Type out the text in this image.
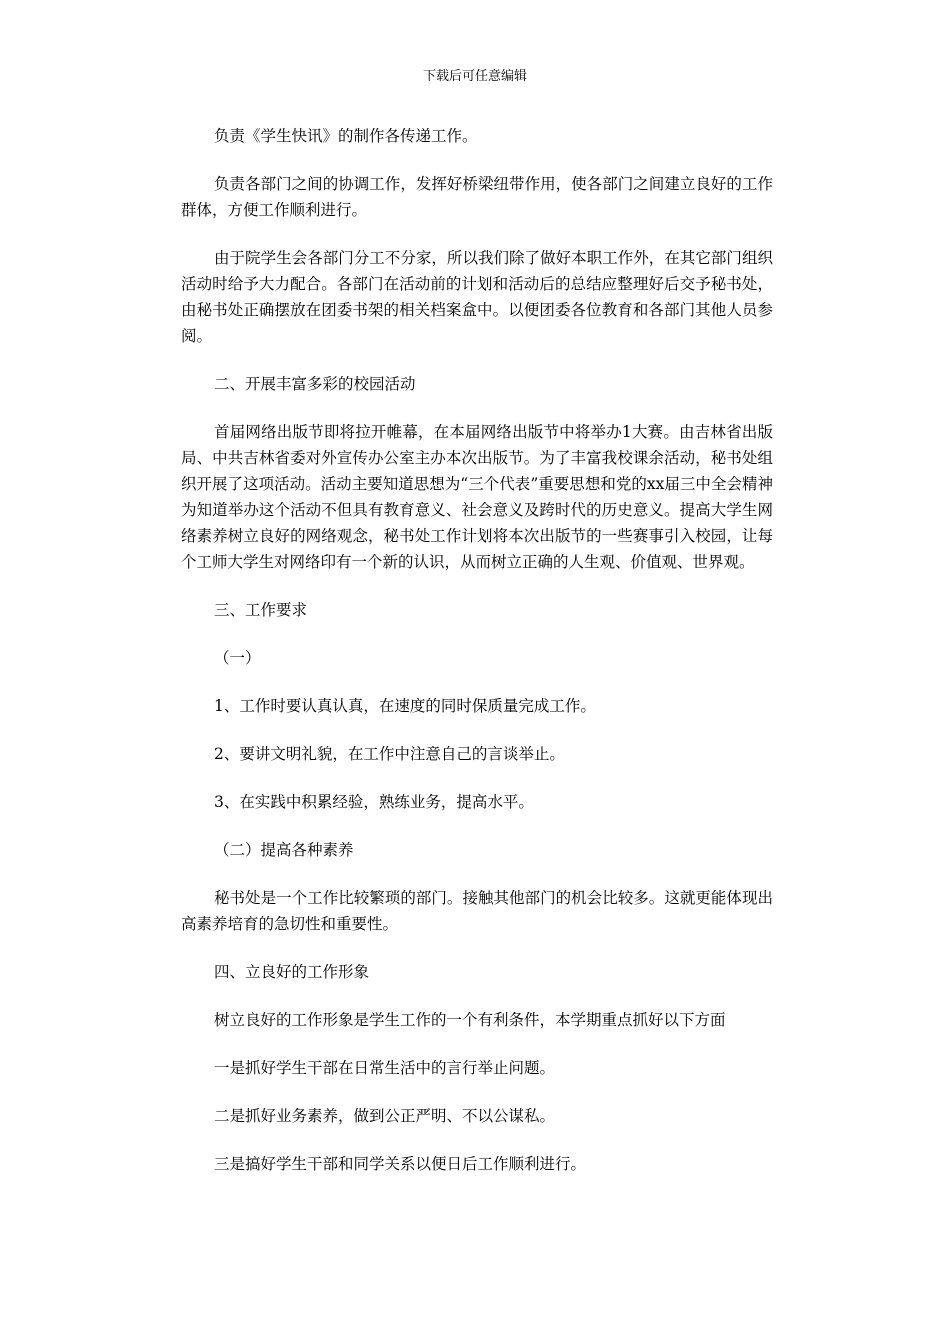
下载后可任意编辑

负责《学生快讯》的制作各传递工作。

负责各部门之间的协调工作，发挥好桥梁纽带作用，使各部门之间建立良好的工作群体，方便工作顺利进行。

由于院学生会各部门分工不分家，所以我们除了做好本职工作外，在其它部门组织活动时给予大力配合。各部门在活动前的计划和活动后的总结应整理好后交予秘书处，由秘书处正确摆放在团委书架的相关档案盒中。以便团委各位教育和各部门其他人员参阅。

二、开展丰富多彩的校园活动

首届网络出版节即将拉开帷幕，在本届网络出版节中将举办1大赛。由吉林省出版局、中共吉林省委对外宣传办公室主办本次出版节。为了丰富我校课余活动，秘书处组织开展了这项活动。活动主要知道思想为“三个代表”重要思想和党的xx届三中全会精神为知道举办这个活动不但具有教育意义、社会意义及跨时代的历史意义。提高大学生网络素养树立良好的网络观念，秘书处工作计划将本次出版节的一些赛事引入校园，让每个工师大学生对网络印有一个新的认识，从而树立正确的人生观、价值观、世界观。

三、工作要求

（一）

1、工作时要认真认真，在速度的同时保质量完成工作。

2、要讲文明礼貌，在工作中注意自己的言谈举止。

3、在实践中积累经验，熟练业务，提高水平。

（二）提高各种素养

秘书处是一个工作比较繁琐的部门。接触其他部门的机会比较多。这就更能体现出高素养培育的急切性和重要性。

四、立良好的工作形象

树立良好的工作形象是学生工作的一个有利条件，本学期重点抓好以下方面

一是抓好学生干部在日常生活中的言行举止问题。

二是抓好业务素养，做到公正严明、不以公谋私。

三是搞好学生干部和同学关系以便日后工作顺利进行。
